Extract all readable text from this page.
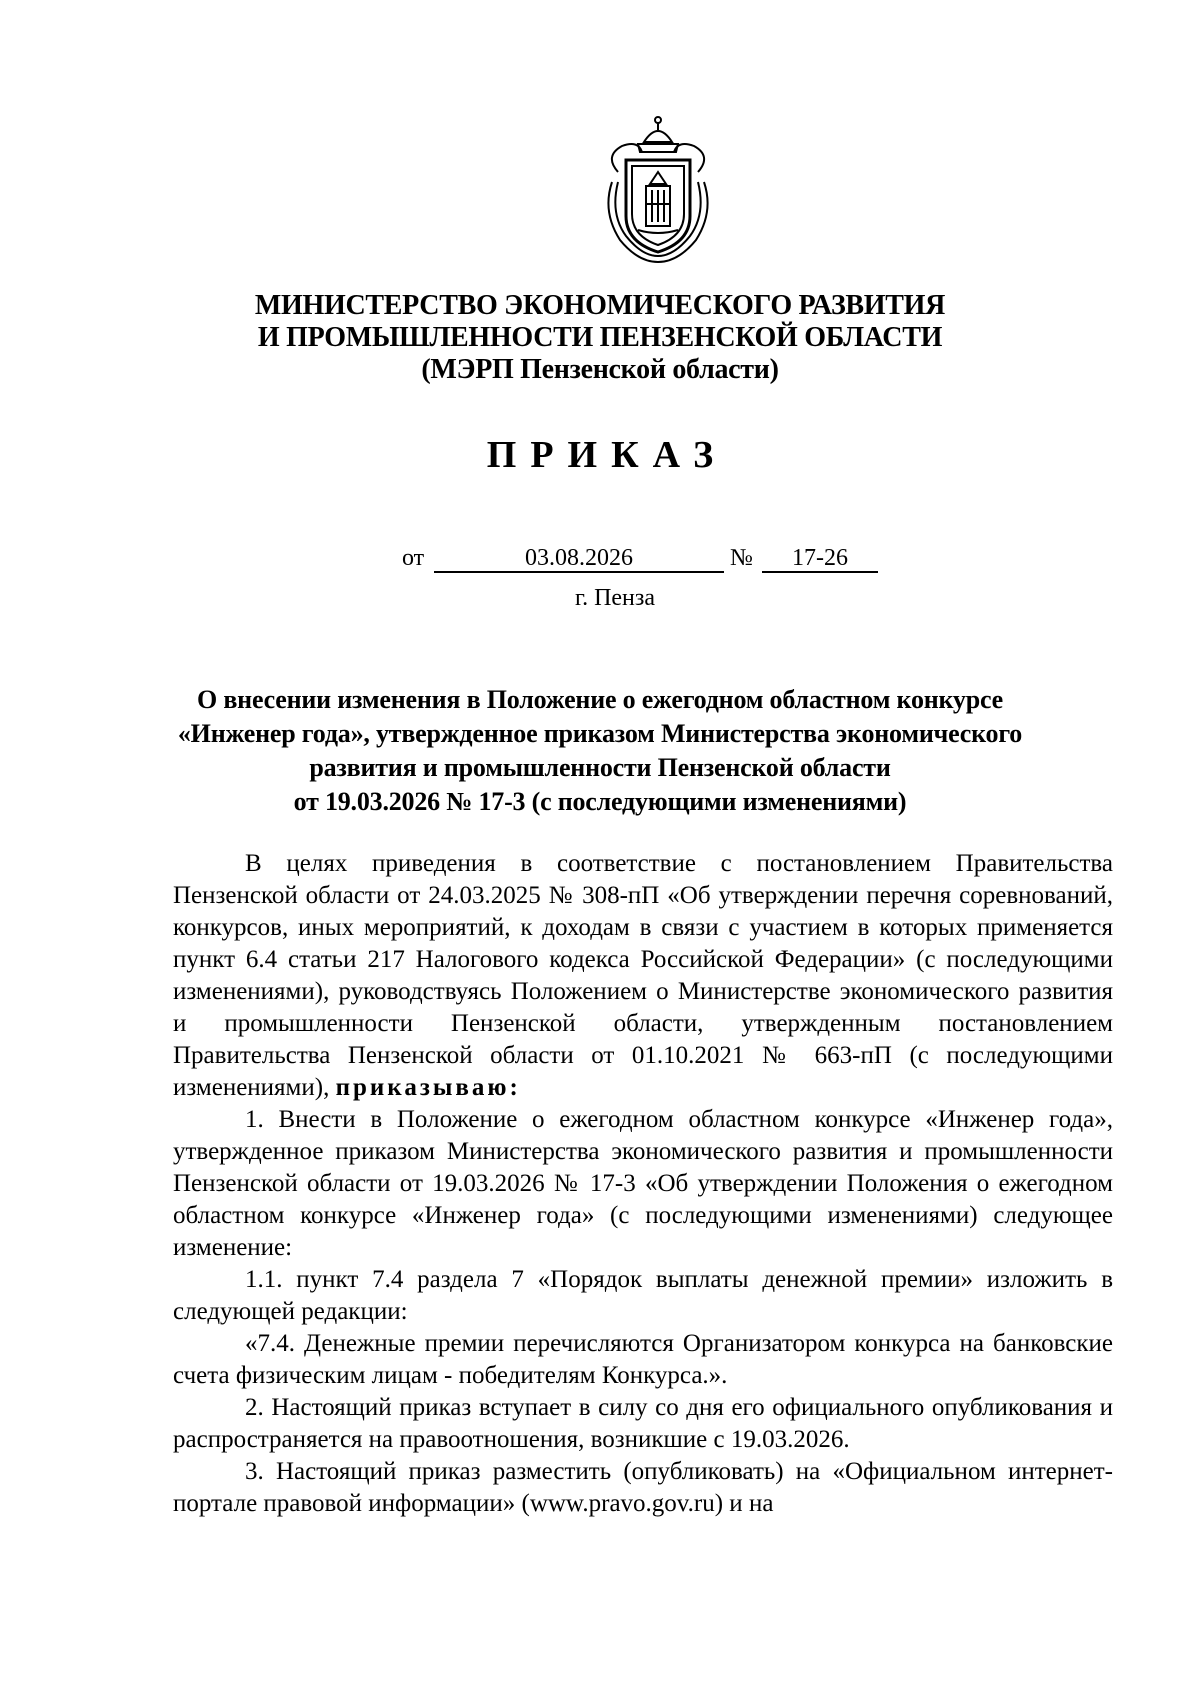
МИНИСТЕРСТВО ЭКОНОМИЧЕСКОГО РАЗВИТИЯ
И ПРОМЫШЛЕННОСТИ ПЕНЗЕНСКОЙ ОБЛАСТИ
(МЭРП Пензенской области)
ПРИКАЗ
от	03.08.2026	№	17-26
г. Пенза
О внесении изменения в Положение о ежегодном областном конкурсе
«Инженер года», утвержденное приказом Министерства экономического
развития и промышленности Пензенской области
от 19.03.2026 № 17-3 (с последующими изменениями)

В целях приведения в соответствие с постановлением Правительства Пензенской области от 24.03.2025 № 308-пП «Об утверждении перечня соревнований, конкурсов, иных мероприятий, к доходам в связи с участием в которых применяется пункт 6.4 статьи 217 Налогового кодекса Российской Федерации» (с последующими изменениями), руководствуясь Положением о Министерстве экономического развития и промышленности Пензенской области, утвержденным постановлением Правительства Пензенской области от 01.10.2021 № 663-пП (с последующими изменениями), приказываю:

1. Внести в Положение о ежегодном областном конкурсе «Инженер года», утвержденное приказом Министерства экономического развития и промышленности Пензенской области от 19.03.2026 № 17-3 «Об утверждении Положения о ежегодном областном конкурсе «Инженер года» (с последующими изменениями) следующее изменение:

1.1. пункт 7.4 раздела 7 «Порядок выплаты денежной премии» изложить в следующей редакции:

«7.4. Денежные премии перечисляются Организатором конкурса на банковские счета физическим лицам - победителям Конкурса.».

2. Настоящий приказ вступает в силу со дня его официального опубликования и распространяется на правоотношения, возникшие с 19.03.2026.

3. Настоящий приказ разместить (опубликовать) на «Официальном интернет-портале правовой информации» (www.pravo.gov.ru) и на
